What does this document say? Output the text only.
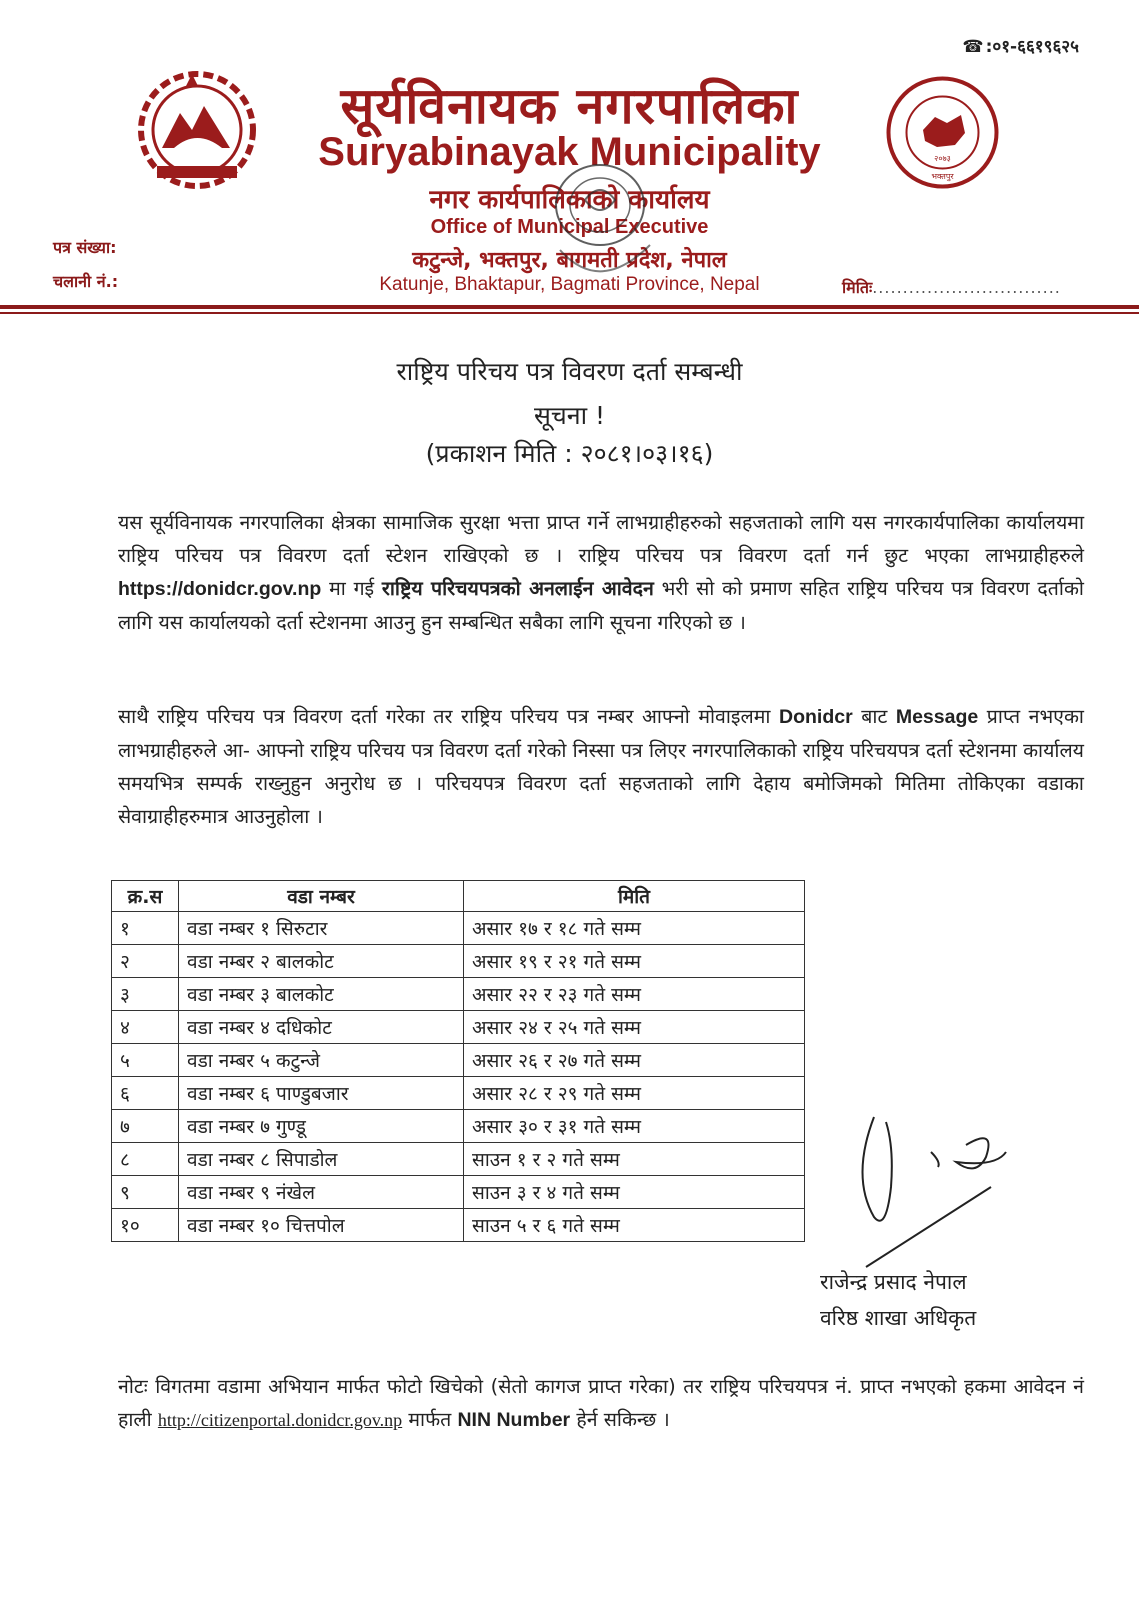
☎ :०१-६६१९६२५
२०७३
भक्तपुर
सूर्यविनायक नगरपालिका
Suryabinayak Municipality
नगर कार्यपालिकाको कार्यालय
Office of Municipal Executive
कटुन्जे, भक्तपुर, बागमती प्रदेश, नेपाल
Katunje, Bhaktapur, Bagmati Province, Nepal
पत्र संख्या:
चलानी नं.:	मितिः...............................
राष्ट्रिय परिचय पत्र विवरण दर्ता सम्बन्धी
सूचना !
(प्रकाशन मिति : २०८१।०३।१६)
यस सूर्यविनायक नगरपालिका क्षेत्रका सामाजिक सुरक्षा भत्ता प्राप्त गर्ने लाभग्राहीहरुको सहजताको लागि यस नगरकार्यपालिका कार्यालयमा राष्ट्रिय परिचय पत्र विवरण दर्ता स्टेशन राखिएको छ । राष्ट्रिय परिचय पत्र विवरण दर्ता गर्न छुट भएका लाभग्राहीहरुले https://donidcr.gov.np मा गई राष्ट्रिय परिचयपत्रको अनलाईन आवेदन भरी सो को प्रमाण सहित राष्ट्रिय परिचय पत्र विवरण दर्ताको लागि यस कार्यालयको दर्ता स्टेशनमा आउनु हुन सम्बन्धित सबैका लागि सूचना गरिएको छ ।
साथै राष्ट्रिय परिचय पत्र विवरण दर्ता गरेका तर राष्ट्रिय परिचय पत्र नम्बर आफ्नो मोवाइलमा Donidcr बाट Message प्राप्त नभएका लाभग्राहीहरुले आ- आफ्नो राष्ट्रिय परिचय पत्र विवरण दर्ता गरेको निस्सा पत्र लिएर नगरपालिकाको राष्ट्रिय परिचयपत्र दर्ता स्टेशनमा कार्यालय समयभित्र सम्पर्क राख्नुहुन अनुरोध छ । परिचयपत्र विवरण दर्ता सहजताको लागि देहाय बमोजिमको मितिमा तोकिएका वडाका सेवाग्राहीहरुमात्र आउनुहोला ।
क्र.स	वडा नम्बर	मिति
१	वडा नम्बर १ सिरुटार	असार १७ र १८ गते सम्म
२	वडा नम्बर २ बालकोट	असार १९ र २१ गते सम्म
३	वडा नम्बर ३ बालकोट	असार २२ र २३ गते सम्म
४	वडा नम्बर ४ दधिकोट	असार २४ र २५ गते सम्म
५	वडा नम्बर ५ कटुन्जे	असार २६ र २७ गते सम्म
६	वडा नम्बर ६ पाण्डुबजार	असार २८ र २९ गते सम्म
७	वडा नम्बर ७ गुण्डू	असार ३० र ३१ गते सम्म
८	वडा नम्बर ८ सिपाडोल	साउन १ र २ गते सम्म
९	वडा नम्बर ९ नंखेल	साउन ३ र ४ गते सम्म
१०	वडा नम्बर १० चित्तपोल	साउन ५ र ६ गते सम्म
राजेन्द्र प्रसाद नेपाल
वरिष्ठ शाखा अधिकृत
नोटः विगतमा वडामा अभियान मार्फत फोटो खिचेको (सेतो कागज प्राप्त गरेका) तर राष्ट्रिय परिचयपत्र नं. प्राप्त नभएको हकमा आवेदन नं हाली http://citizenportal.donidcr.gov.np मार्फत NIN Number हेर्न सकिन्छ ।
